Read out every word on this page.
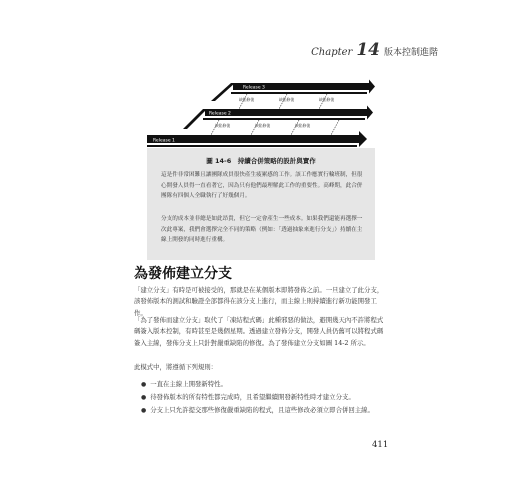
Chapter 14 版本控制進階
Release 3
Release 2
Release 1
缺陷修復	缺陷修復	缺陷修復
缺陷修復	缺陷修復	缺陷修復
圖 14-6　持續合併策略的設計與實作
這是件非常困難且讓團隊成員很快產生疲累感的工作。該工作應實行輪班制，但很心開發人員得一直看著它，因為只有他們最理解此工作的重要性。高峰期，此合併團隊有四個人全職執行了好幾個月。
分支的成本並非總是如此昂貴，但它一定會產生一些成本。如果我們還能再選擇一次此專案，我們會選擇完全不同的策略（例如：「透過抽象來進行分支」）持續在主線上開發的同時進行重構。
為發佈建立分支
「建立分支」有時是可被接受的，那就是在某個版本即將發佈之前。一旦建立了此分支，該發佈版本的測試和驗證全部都得在該分支上進行，而主線上則持續進行新功能開發工作。
「為了發佈而建立分支」取代了「凍結程式碼」此種邪惡的做法，避開幾天內不許將程式碼簽入版本控制，有時甚至是幾個星期。透過建立發佈分支，開發人員仍舊可以將程式碼簽入主線，發佈分支上只針對嚴重缺陷的修復。為了發佈建立分支如圖 14-2 所示。
此模式中，將遵循下列規則：
● 一直在主線上開發新特性。
● 待發佈版本的所有特性都完成時，且希望繼續開發新特性時才建立分支。
● 分支上只允許提交那些修復嚴重缺陷的程式，且這些修改必須立即合併回主線。
411
